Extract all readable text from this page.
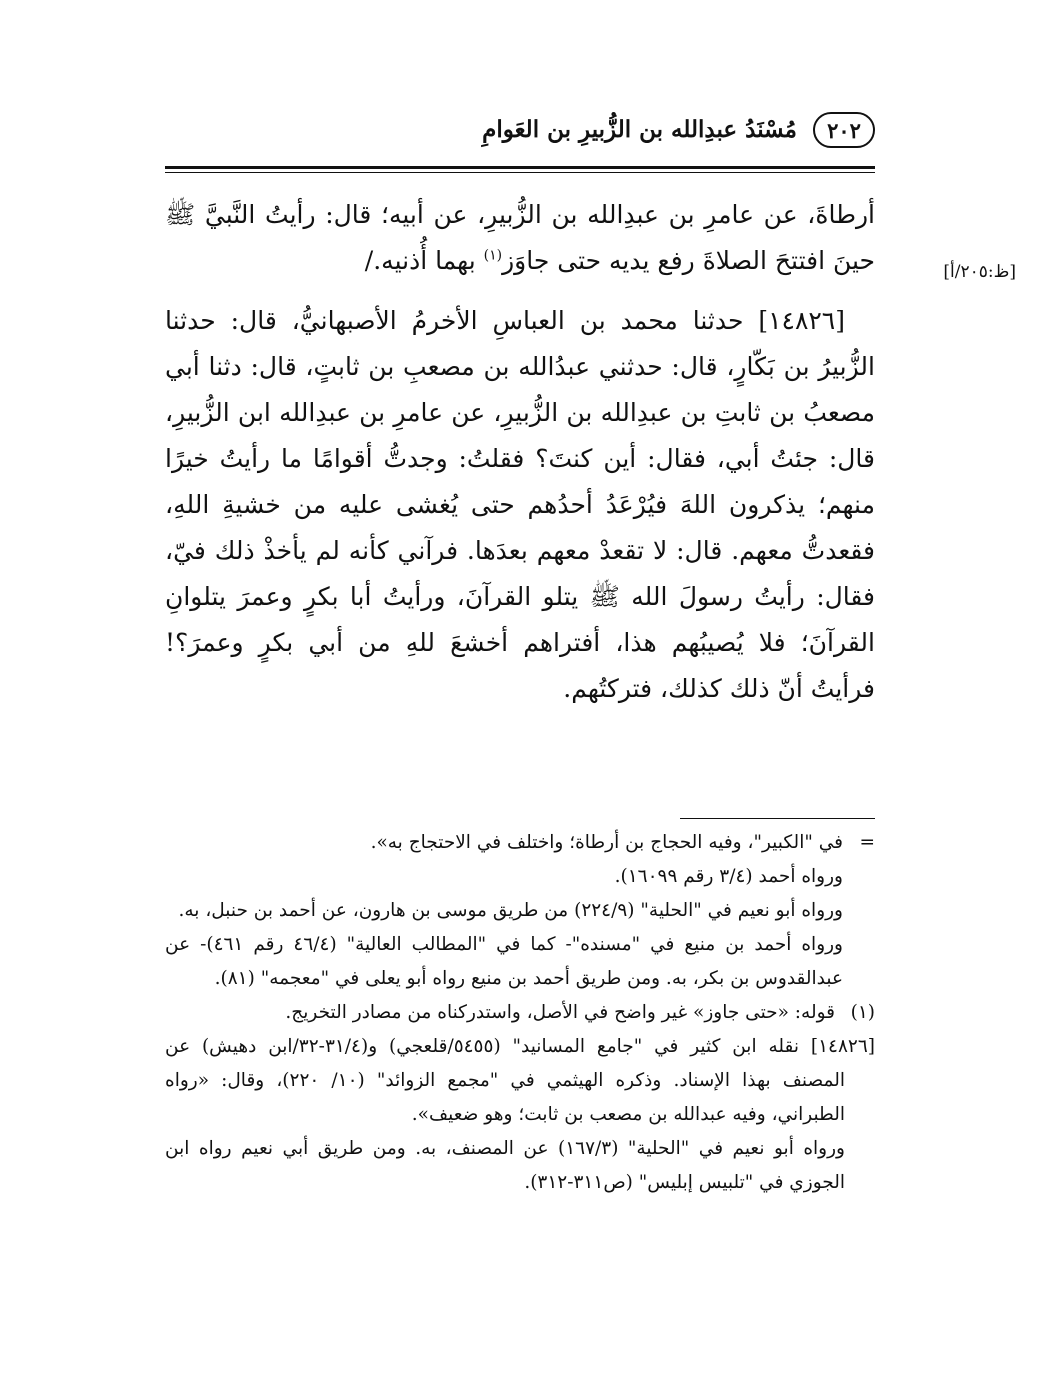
٢٠٢
مُسْنَدُ عبدِالله بن الزُّبيرِ بن العَوامِ
[ظ:٢٠٥/أ]

أرطاةَ، عن عامرِ بن عبدِالله بن الزُّبيرِ، عن أبيه؛ قال: رأيتُ النَّبيَّ ﷺ حينَ افتتحَ الصلاةَ رفع يديه حتى جاوَز$^{(١)}$ بهما أُذنيه./

[١٤٨٢٦] حدثنا محمد بن العباسِ الأخرمُ الأصبهانيُّ، قال: حدثنا الزُّبيرُ بن بَكّارٍ، قال: حدثني عبدُالله بن مصعبِ بن ثابتٍ، قال: دثنا أبي مصعبُ بن ثابتِ بن عبدِالله بن الزُّبيرِ، عن عامرِ بن عبدِالله ابن الزُّبيرِ، قال: جئتُ أبي، فقال: أين كنتَ؟ فقلتُ: وجدتُّ أقوامًا ما رأيتُ خيرًا منهم؛ يذكرون اللهَ فيُرْعَدُ أحدُهم حتى يُغشى عليه من خشيةِ اللهِ، فقعدتُّ معهم. قال: لا تقعدْ معهم بعدَها. فرآني كأنه لم يأخذْ ذلك فيّ، فقال: رأيتُ رسولَ الله ﷺ يتلو القرآنَ، ورأيتُ أبا بكرٍ وعمرَ يتلوانِ القرآنَ؛ فلا يُصيبُهم هذا، أفتراهم أخشعَ للهِ من أبي بكرٍ وعمرَ؟! فرأيتُ أنّ ذلك كذلك، فتركتُهم.

=
في "الكبير"، وفيه الحجاج بن أرطاة؛ واختلف في الاحتجاج به».
ورواه أحمد (٣/٤ رقم ١٦٠٩٩).
ورواه أبو نعيم في "الحلية" (٢٢٤/٩) من طريق موسى بن هارون، عن أحمد بن حنبل، به.
ورواه أحمد بن منيع في "مسنده"- كما في "المطالب العالية" (٤٦/٤ رقم ٤٦١)- عن عبدالقدوس بن بكر، به. ومن طريق أحمد بن منيع رواه أبو يعلى في "معجمه" (٨١).
(١)
قوله: «حتى جاوز» غير واضح في الأصل، واستدركناه من مصادر التخريج.
[١٤٨٢٦] نقله ابن كثير في "جامع المسانيد" (٥٤٥٥/قلعجي) و(٣١/٤-٣٢/ابن دهيش) عن المصنف بهذا الإسناد. وذكره الهيثمي في "مجمع الزوائد" (١٠/ ٢٢٠)، وقال: «رواه الطبراني، وفيه عبدالله بن مصعب بن ثابت؛ وهو ضعيف».
ورواه أبو نعيم في "الحلية" (١٦٧/٣) عن المصنف، به. ومن طريق أبي نعيم رواه ابن الجوزي في "تلبيس إبليس" (ص٣١١-٣١٢).
